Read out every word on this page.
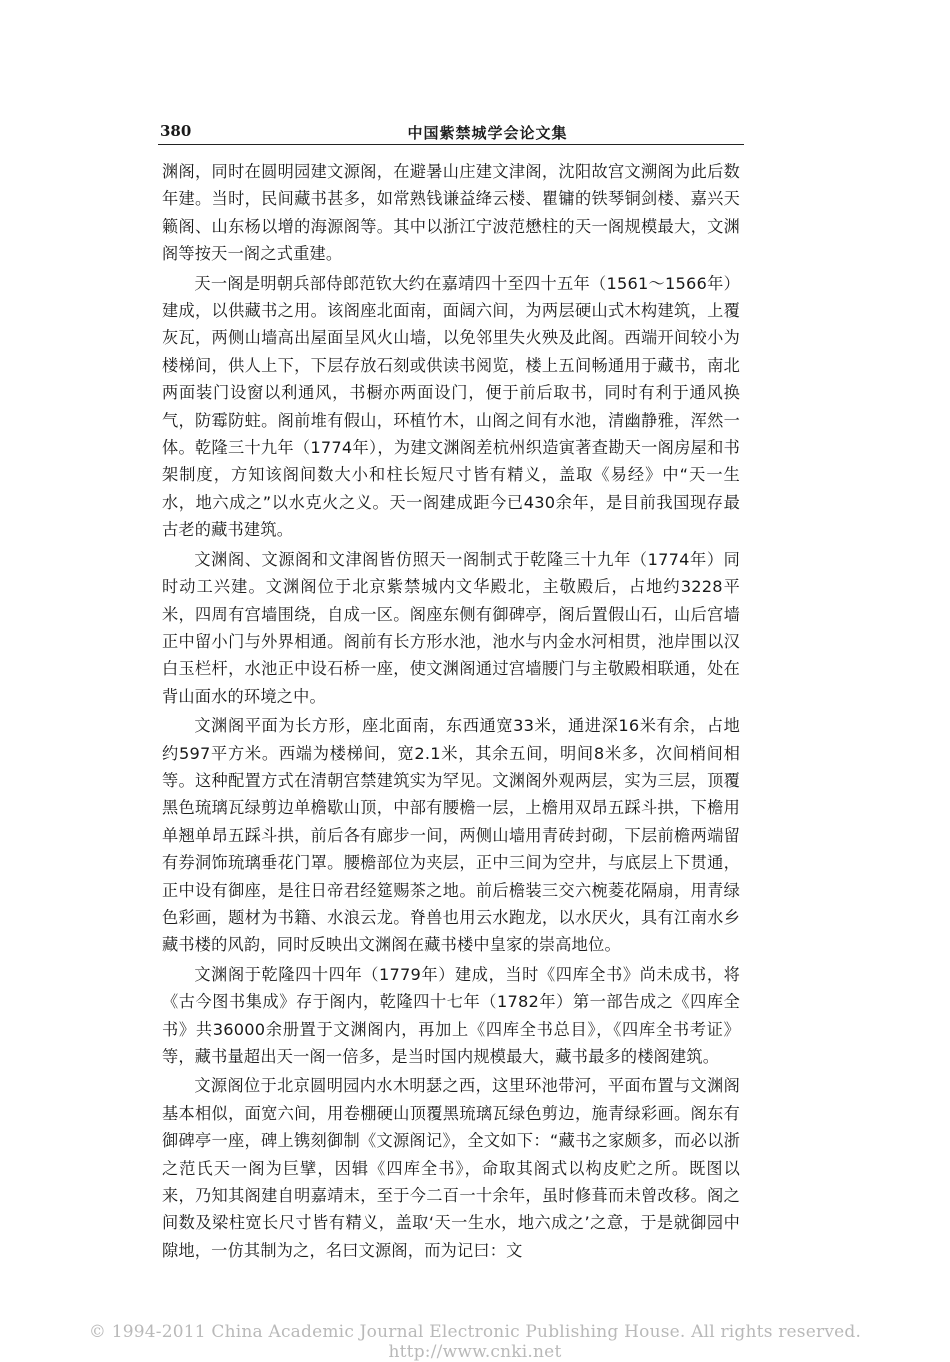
380	中国紫禁城学会论文集

渊阁，同时在圆明园建文源阁，在避暑山庄建文津阁，沈阳故宫文溯阁为此后数年建。当时，民间藏书甚多，如常熟钱谦益绛云楼、瞿镛的铁琴铜剑楼、嘉兴天籁阁、山东杨以增的海源阁等。其中以浙江宁波范懋柱的天一阁规模最大，文渊阁等按天一阁之式重建。

天一阁是明朝兵部侍郎范钦大约在嘉靖四十至四十五年（1561～1566年）建成，以供藏书之用。该阁座北面南，面阔六间，为两层硬山式木构建筑，上覆灰瓦，两侧山墙高出屋面呈风火山墙，以免邻里失火殃及此阁。西端开间较小为楼梯间，供人上下，下层存放石刻或供读书阅览，楼上五间畅通用于藏书，南北两面装门设窗以利通风，书橱亦两面设门，便于前后取书，同时有利于通风换气，防霉防蛀。阁前堆有假山，环植竹木，山阁之间有水池，清幽静雅，浑然一体。乾隆三十九年（1774年），为建文渊阁差杭州织造寅著查勘天一阁房屋和书架制度，方知该阁间数大小和柱长短尺寸皆有精义，盖取《易经》中“天一生水，地六成之”以水克火之义。天一阁建成距今已430余年，是目前我国现存最古老的藏书建筑。

文渊阁、文源阁和文津阁皆仿照天一阁制式于乾隆三十九年（1774年）同时动工兴建。文渊阁位于北京紫禁城内文华殿北，主敬殿后，占地约3228平米，四周有宫墙围绕，自成一区。阁座东侧有御碑亭，阁后置假山石，山后宫墙正中留小门与外界相通。阁前有长方形水池，池水与内金水河相贯，池岸围以汉白玉栏杆，水池正中设石桥一座，使文渊阁通过宫墙腰门与主敬殿相联通，处在背山面水的环境之中。

文渊阁平面为长方形，座北面南，东西通宽33米，通进深16米有余，占地约597平方米。西端为楼梯间，宽2.1米，其余五间，明间8米多，次间梢间相等。这种配置方式在清朝宫禁建筑实为罕见。文渊阁外观两层，实为三层，顶覆黑色琉璃瓦绿剪边单檐歇山顶，中部有腰檐一层，上檐用双昂五踩斗拱，下檐用单翘单昂五踩斗拱，前后各有廊步一间，两侧山墙用青砖封砌，下层前檐两端留有券洞饰琉璃垂花门罩。腰檐部位为夹层，正中三间为空井，与底层上下贯通，正中设有御座，是往日帝君经筵赐茶之地。前后檐装三交六椀菱花隔扇，用青绿色彩画，题材为书籍、水浪云龙。脊兽也用云水跑龙，以水厌火，具有江南水乡藏书楼的风韵，同时反映出文渊阁在藏书楼中皇家的崇高地位。

文渊阁于乾隆四十四年（1779年）建成，当时《四库全书》尚未成书，将《古今图书集成》存于阁内，乾隆四十七年（1782年）第一部告成之《四库全书》共36000余册置于文渊阁内，再加上《四库全书总目》，《四库全书考证》等，藏书量超出天一阁一倍多，是当时国内规模最大，藏书最多的楼阁建筑。

文源阁位于北京圆明园内水木明瑟之西，这里环池带河，平面布置与文渊阁基本相似，面宽六间，用卷棚硬山顶覆黑琉璃瓦绿色剪边，施青绿彩画。阁东有御碑亭一座，碑上镌刻御制《文源阁记》，全文如下：“藏书之家颇多，而必以浙之范氏天一阁为巨擘，因辑《四库全书》，命取其阁式以构皮贮之所。既图以来，乃知其阁建自明嘉靖末，至于今二百一十余年，虽时修葺而未曾改移。阁之间数及梁柱宽长尺寸皆有精义，盖取‘天一生水，地六成之’之意，于是就御园中隙地，一仿其制为之，名曰文源阁，而为记曰：文

© 1994-2011 China Academic Journal Electronic Publishing House. All rights reserved. http://www.cnki.net
